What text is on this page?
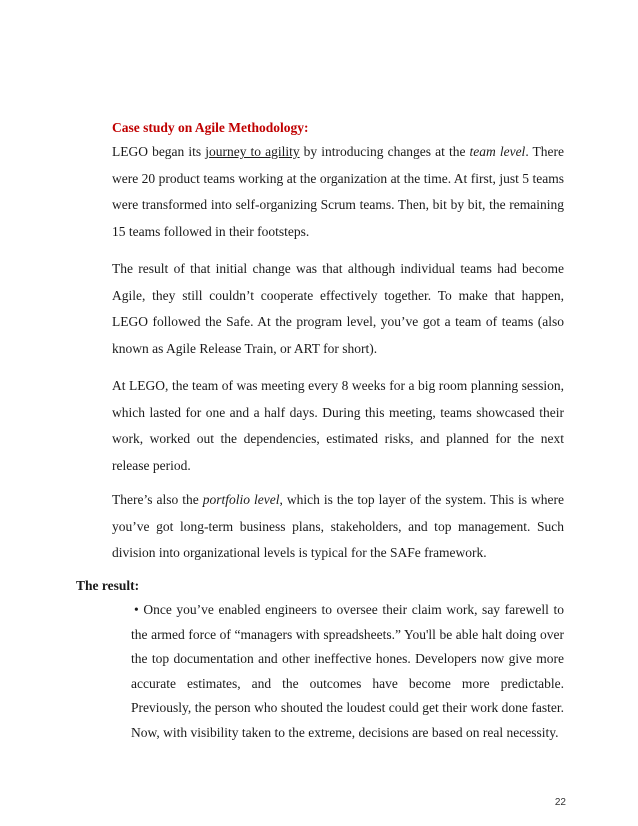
Case study on Agile Methodology:

LEGO began its journey to agility by introducing changes at the team level. There were 20 product teams working at the organization at the time. At first, just 5 teams were transformed into self-organizing Scrum teams. Then, bit by bit, the remaining 15 teams followed in their footsteps.

The result of that initial change was that although individual teams had become Agile, they still couldn’t cooperate effectively together. To make that happen, LEGO followed the Safe. At the program level, you’ve got a team of teams (also known as Agile Release Train, or ART for short).

At LEGO, the team of was meeting every 8 weeks for a big room planning session, which lasted for one and a half days. During this meeting, teams showcased their work, worked out the dependencies, estimated risks, and planned for the next release period.

There’s also the portfolio level, which is the top layer of the system. This is where you’ve got long-term business plans, stakeholders, and top management. Such division into organizational levels is typical for the SAFe framework.

The result:

• Once you’ve enabled engineers to oversee their claim work, say farewell to the armed force of “managers with spreadsheets.” You'll be able halt doing over the top documentation and other ineffective hones. Developers now give more accurate estimates, and the outcomes have become more predictable. Previously, the person who shouted the loudest could get their work done faster. Now, with visibility taken to the extreme, decisions are based on real necessity.

22
